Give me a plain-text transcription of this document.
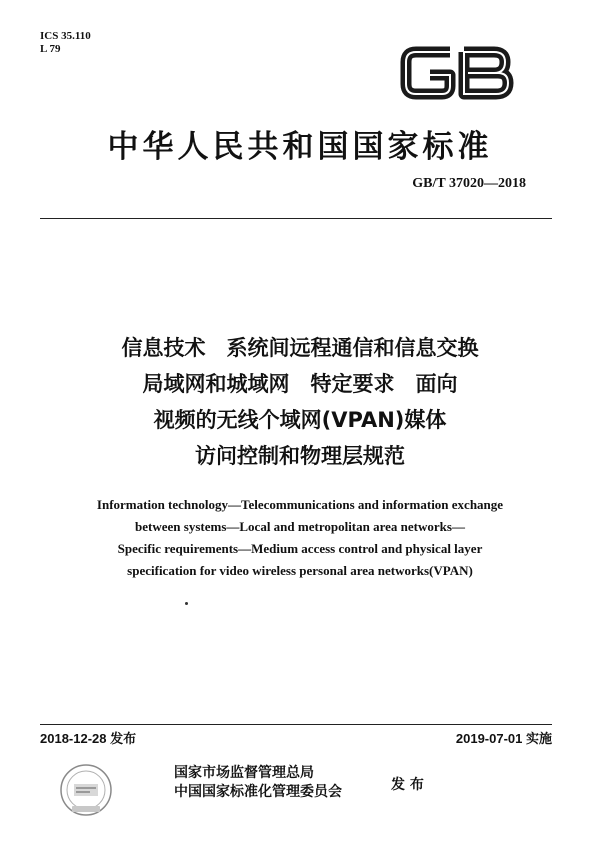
ICS 35.110
L 79
中华人民共和国国家标准
GB/T 37020—2018
信息技术　系统间远程通信和信息交换
局域网和城域网　特定要求　面向
视频的无线个域网(VPAN)媒体
访问控制和物理层规范
Information technology—Telecommunications and information exchange
between systems—Local and metropolitan area networks—
Specific requirements—Medium access control and physical layer
specification for video wireless personal area networks(VPAN)
2018-12-28 发布	2019-07-01 实施
国家市场监督管理总局
中国国家标准化管理委员会	发 布
